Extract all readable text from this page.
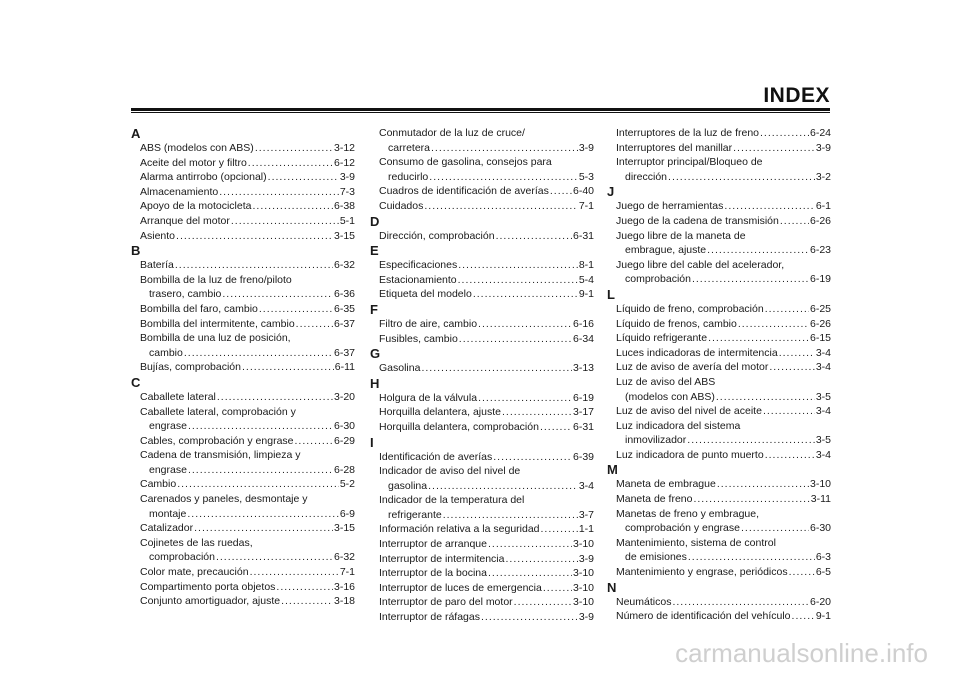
INDEX
A
ABS (modelos con ABS) .....	3-12
Aceite del motor y filtro .....	6-12
Alarma antirrobo (opcional) .....	3-9
Almacenamiento .....	7-3
Apoyo de la motocicleta .....	6-38
Arranque del motor .....	5-1
Asiento .....	3-15
B
Batería .....	6-32
Bombilla de la luz de freno/piloto
trasero, cambio .....	6-36
Bombilla del faro, cambio .....	6-35
Bombilla del intermitente, cambio .....	6-37
Bombilla de una luz de posición,
cambio .....	6-37
Bujías, comprobación .....	6-11
C
Caballete lateral .....	3-20
Caballete lateral, comprobación y
engrase .....	6-30
Cables, comprobación y engrase .....	6-29
Cadena de transmisión, limpieza y
engrase .....	6-28
Cambio .....	5-2
Carenados y paneles, desmontaje y
montaje .....	6-9
Catalizador .....	3-15
Cojinetes de las ruedas,
comprobación .....	6-32
Color mate, precaución .....	7-1
Compartimento porta objetos .....	3-16
Conjunto amortiguador, ajuste .....	3-18
Conmutador de la luz de cruce/
carretera .....	3-9
Consumo de gasolina, consejos para
reducirlo .....	5-3
Cuadros de identificación de averías ..... 6-40
Cuidados .....	7-1
D
Dirección, comprobación .....	6-31
E
Especificaciones .....	8-1
Estacionamiento .....	5-4
Etiqueta del modelo .....	9-1
F
Filtro de aire, cambio .....	6-16
Fusibles, cambio .....	6-34
G
Gasolina .....	3-13
H
Holgura de la válvula .....	6-19
Horquilla delantera, ajuste .....	3-17
Horquilla delantera, comprobación .....	6-31
I
Identificación de averías .....	6-39
Indicador de aviso del nivel de
gasolina .....	3-4
Indicador de la temperatura del
refrigerante .....	3-7
Información relativa a la seguridad .....	1-1
Interruptor de arranque .....	3-10
Interruptor de intermitencia .....	3-9
Interruptor de la bocina .....	3-10
Interruptor de luces de emergencia .....	3-10
Interruptor de paro del motor .....	3-10
Interruptor de ráfagas .....	3-9
Interruptores de la luz de freno .....	6-24
Interruptores del manillar .....	3-9
Interruptor principal/Bloqueo de
dirección .....	3-2
J
Juego de herramientas .....	6-1
Juego de la cadena de transmisión .....	6-26
Juego libre de la maneta de
embrague, ajuste .....	6-23
Juego libre del cable del acelerador,
comprobación .....	6-19
L
Líquido de freno, comprobación .....	6-25
Líquido de frenos, cambio .....	6-26
Líquido refrigerante .....	6-15
Luces indicadoras de intermitencia .....	3-4
Luz de aviso de avería del motor .....	3-4
Luz de aviso del ABS
(modelos con ABS) .....	3-5
Luz de aviso del nivel de aceite .....	3-4
Luz indicadora del sistema
inmovilizador .....	3-5
Luz indicadora de punto muerto .....	3-4
M
Maneta de embrague .....	3-10
Maneta de freno .....	3-11
Manetas de freno y embrague,
comprobación y engrase .....	6-30
Mantenimiento, sistema de control
de emisiones .....	6-3
Mantenimiento y engrase, periódicos .....	6-5
N
Neumáticos .....	6-20
Número de identificación del vehículo ..... 9-1
carmanualsonline.info
